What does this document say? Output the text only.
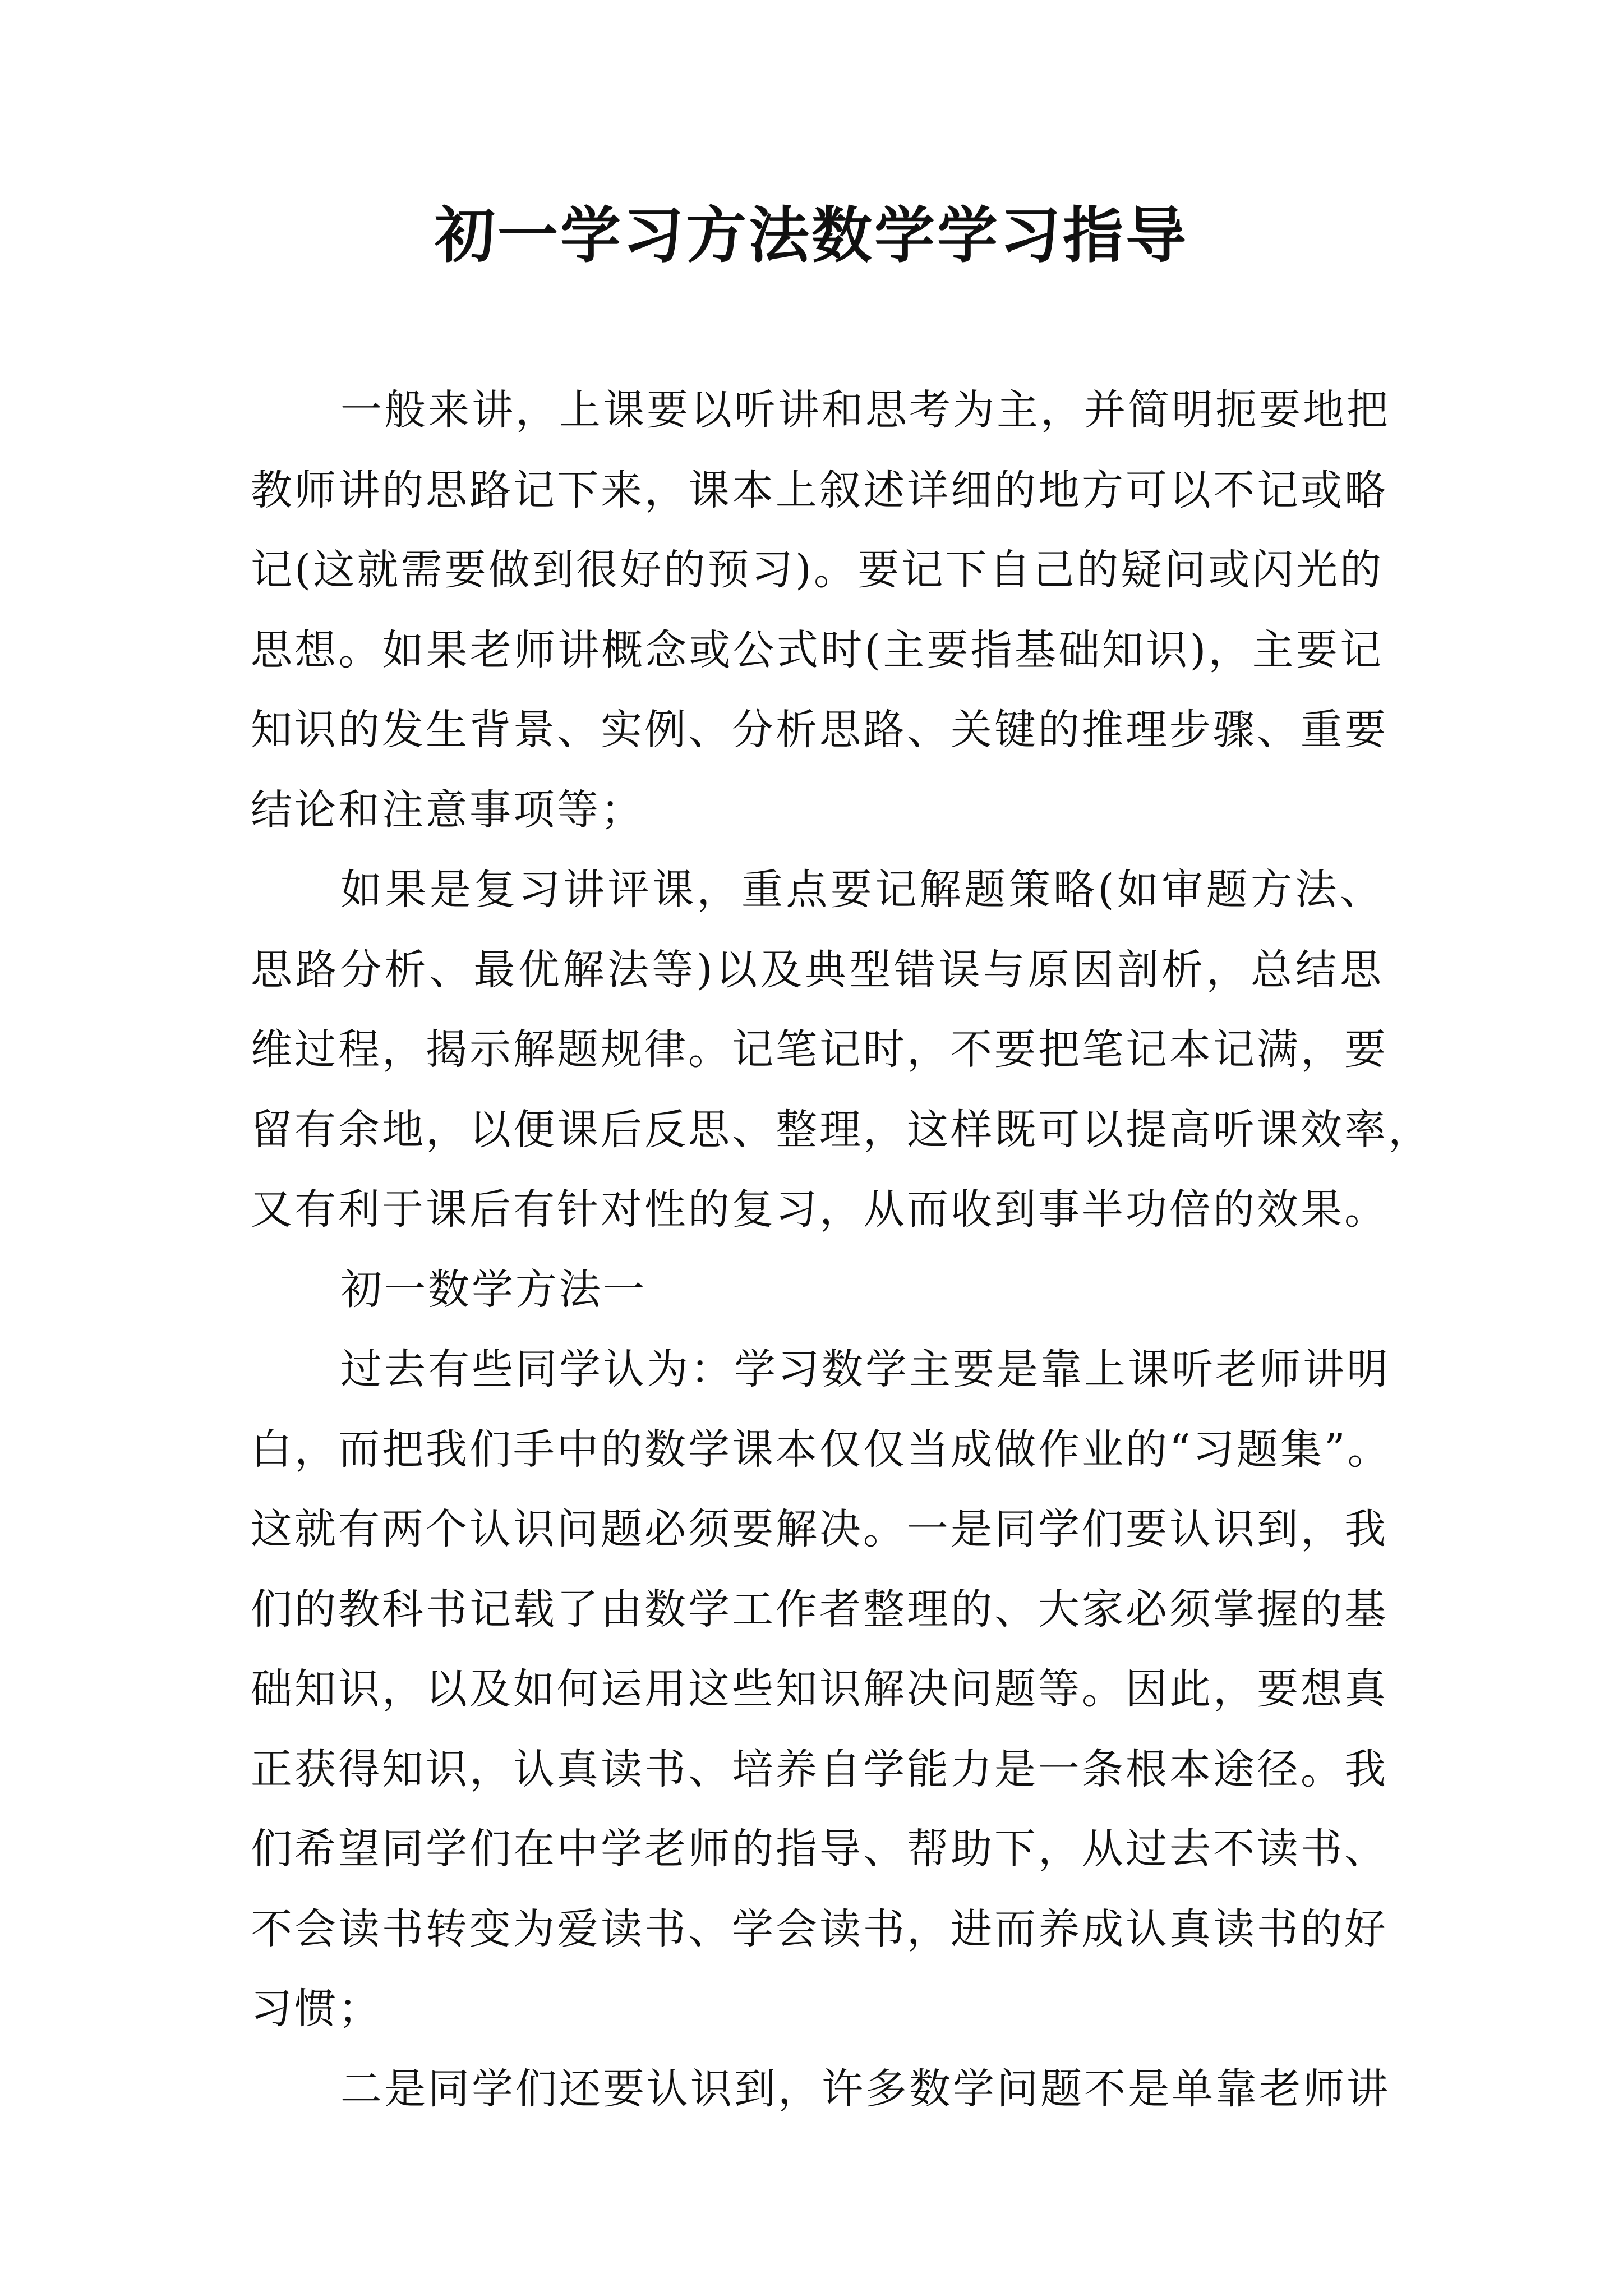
初一学习方法数学学习指导
一般来讲，上课要以听讲和思考为主，并简明扼要地把
教师讲的思路记下来，课本上叙述详细的地方可以不记或略
记(这就需要做到很好的预习)。要记下自己的疑问或闪光的
思想。如果老师讲概念或公式时(主要指基础知识)，主要记
知识的发生背景、实例、分析思路、关键的推理步骤、重要
结论和注意事项等；
如果是复习讲评课，重点要记解题策略(如审题方法、
思路分析、最优解法等)以及典型错误与原因剖析，总结思
维过程，揭示解题规律。记笔记时，不要把笔记本记满，要
留有余地，以便课后反思、整理，这样既可以提高听课效率，
又有利于课后有针对性的复习，从而收到事半功倍的效果。
初一数学方法一
过去有些同学认为：学习数学主要是靠上课听老师讲明
白，而把我们手中的数学课本仅仅当成做作业的“习题集”。
这就有两个认识问题必须要解决。一是同学们要认识到，我
们的教科书记载了由数学工作者整理的、大家必须掌握的基
础知识，以及如何运用这些知识解决问题等。因此，要想真
正获得知识，认真读书、培养自学能力是一条根本途径。我
们希望同学们在中学老师的指导、帮助下，从过去不读书、
不会读书转变为爱读书、学会读书，进而养成认真读书的好
习惯；
二是同学们还要认识到，许多数学问题不是单靠老师讲
